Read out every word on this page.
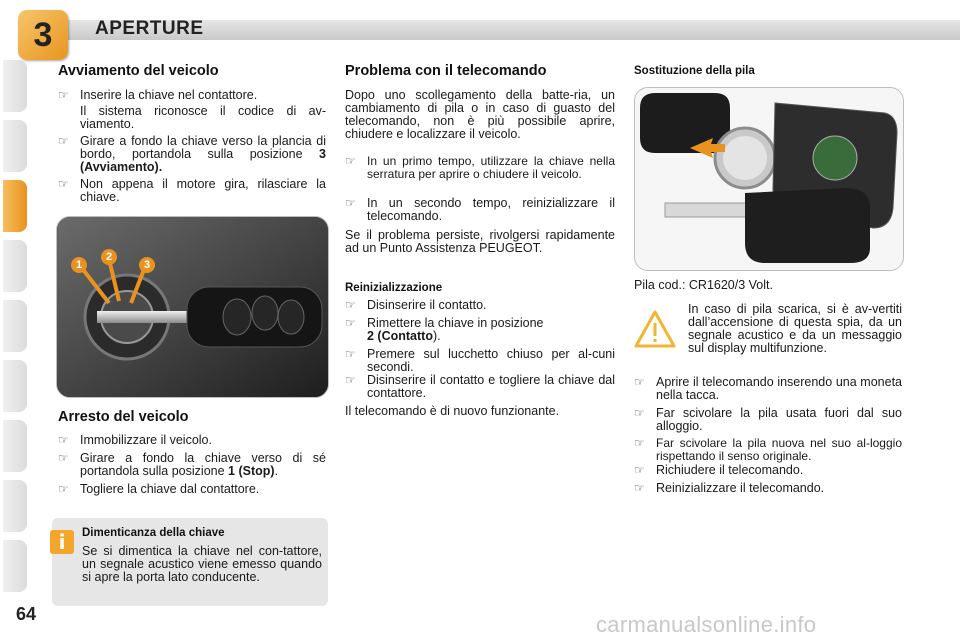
3	APERTURE
Avviamento del veicolo
☞ Inserire la chiave nel contattore.
Il sistema riconosce il codice di av-viamento.
☞ Girare a fondo la chiave verso la plancia di bordo, portandola sulla posizione 3 (Avviamento).
☞ Non appena il motore gira, rilasciare la chiave.
1
2
3
Arresto del veicolo
☞ Immobilizzare il veicolo.
☞ Girare a fondo la chiave verso di sé portandola sulla posizione 1 (Stop).
☞ Togliere la chiave dal contattore.
i	Dimenticanza della chiave
Se si dimentica la chiave nel con-tattore, un segnale acustico viene emesso quando si apre la porta lato conducente.
Problema con il telecomando
Dopo uno scollegamento della batte-ria, un cambiamento di pila o in caso di guasto del telecomando, non è più possibile aprire, chiudere e localizzare il veicolo.
☞ In un primo tempo, utilizzare la chiave nella serratura per aprire o chiudere il veicolo.
☞ In un secondo tempo, reinizializzare il telecomando.
Se il problema persiste, rivolgersi rapidamente ad un Punto Assistenza PEUGEOT.
Reinizializzazione
☞ Disinserire il contatto.
☞ Rimettere la chiave in posizione
2 (Contatto).
☞ Premere sul lucchetto chiuso per al-cuni secondi.
☞ Disinserire il contatto e togliere la chiave dal contattore.
Il telecomando è di nuovo funzionante.
Sostituzione della pila
Pila cod.: CR1620/3 Volt.
In caso di pila scarica, si è av-vertiti dall’accensione di questa spia, da un segnale acustico e da un messaggio sul display multifunzione.
☞ Aprire il telecomando inserendo una moneta nella tacca.
☞ Far scivolare la pila usata fuori dal suo alloggio.
☞ Far scivolare la pila nuova nel suo al-loggio rispettando il senso originale.
☞ Richiudere il telecomando.
☞ Reinizializzare il telecomando.
64	carmanualsonline.info
